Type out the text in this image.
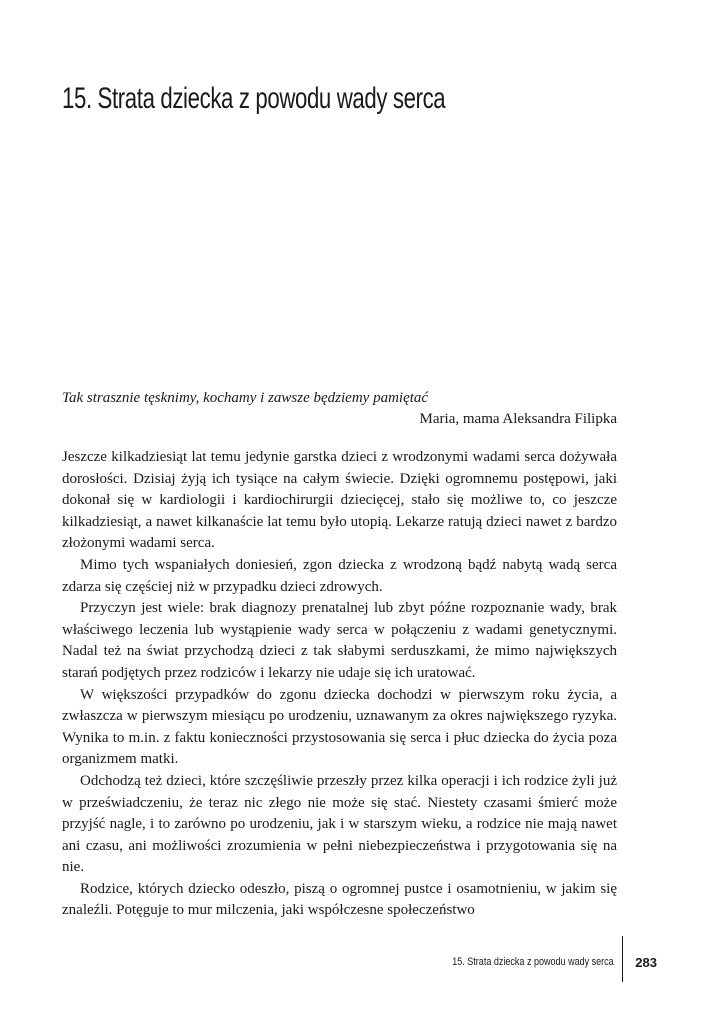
15. Strata dziecka z powodu wady serca

Tak strasznie tęsknimy, kochamy i zawsze będziemy pamiętać

Maria, mama Aleksandra Filipka

Jeszcze kilkadziesiąt lat temu jedynie garstka dzieci z wrodzonymi wadami serca dożywała dorosłości. Dzisiaj żyją ich tysiące na całym świecie. Dzięki ogromnemu postępowi, jaki dokonał się w kardiologii i kardiochirurgii dziecięcej, stało się możliwe to, co jeszcze kilkadziesiąt, a nawet kilkanaście lat temu było utopią. Lekarze ratują dzieci nawet z bardzo złożonymi wadami serca.

Mimo tych wspaniałych doniesień, zgon dziecka z wrodzoną bądź nabytą wadą serca zdarza się częściej niż w przypadku dzieci zdrowych.

Przyczyn jest wiele: brak diagnozy prenatalnej lub zbyt późne rozpoznanie wady, brak właściwego leczenia lub wystąpienie wady serca w połączeniu z wadami genetycznymi. Nadal też na świat przychodzą dzieci z tak słabymi serduszkami, że mimo największych starań podjętych przez rodziców i lekarzy nie udaje się ich uratować.

W większości przypadków do zgonu dziecka dochodzi w pierwszym roku życia, a zwłaszcza w pierwszym miesiącu po urodzeniu, uznawanym za okres największego ryzyka. Wynika to m.in. z faktu konieczności przystosowania się serca i płuc dziecka do życia poza organizmem matki.

Odchodzą też dzieci, które szczęśliwie przeszły przez kilka operacji i ich rodzice żyli już w przeświadczeniu, że teraz nic złego nie może się stać. Niestety czasami śmierć może przyjść nagle, i to zarówno po urodzeniu, jak i w starszym wieku, a rodzice nie mają nawet ani czasu, ani możliwości zrozumienia w pełni niebezpieczeństwa i przygotowania się na nie.

Rodzice, których dziecko odeszło, piszą o ogromnej pustce i osamotnieniu, w jakim się znaleźli. Potęguje to mur milczenia, jaki współczesne społeczeństwo

15. Strata dziecka z powodu wady serca	283
